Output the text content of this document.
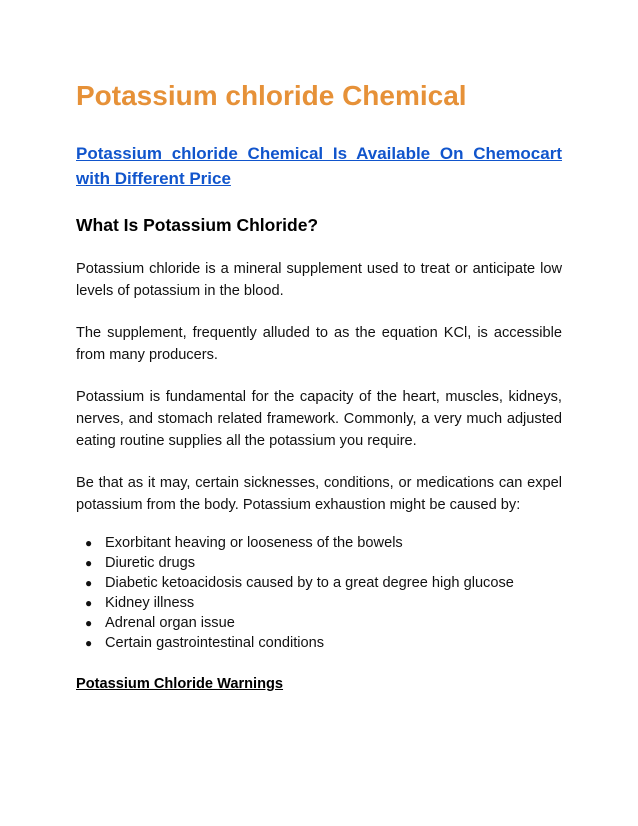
Potassium chloride Chemical
Potassium chloride Chemical Is Available On Chemocart with Different Price
What Is Potassium Chloride?

Potassium chloride is a mineral supplement used to treat or anticipate low levels of potassium in the blood.

The supplement, frequently alluded to as the equation KCl, is accessible from many producers.

Potassium is fundamental for the capacity of the heart, muscles, kidneys, nerves, and stomach related framework. Commonly, a very much adjusted eating routine supplies all the potassium you require.

Be that as it may, certain sicknesses, conditions, or medications can expel potassium from the body. Potassium exhaustion might be caused by:

● Exorbitant heaving or looseness of the bowels
● Diuretic drugs
● Diabetic ketoacidosis caused by to a great degree high glucose
● Kidney illness
● Adrenal organ issue
● Certain gastrointestinal conditions
Potassium Chloride Warnings
